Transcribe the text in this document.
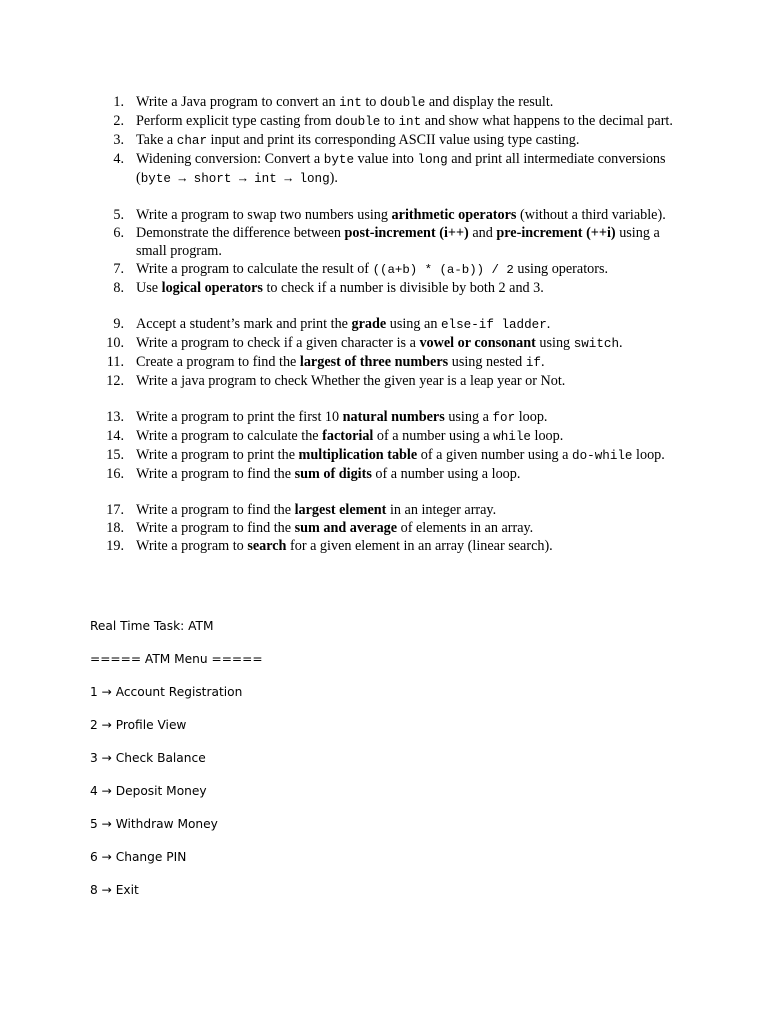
1. Write a Java program to convert an int to double and display the result.
2. Perform explicit type casting from double to int and show what happens to the decimal part.
3. Take a char input and print its corresponding ASCII value using type casting.
4. Widening conversion: Convert a byte value into long and print all intermediate conversions (byte → short → int → long).
5. Write a program to swap two numbers using arithmetic operators (without a third variable).
6. Demonstrate the difference between post-increment (i++) and pre-increment (++i) using a small program.
7. Write a program to calculate the result of ((a+b) * (a-b)) / 2 using operators.
8. Use logical operators to check if a number is divisible by both 2 and 3.
9. Accept a student’s mark and print the grade using an else-if ladder.
10. Write a program to check if a given character is a vowel or consonant using switch.
11. Create a program to find the largest of three numbers using nested if.
12. Write a java program to check Whether the given year is a leap year or Not.
13. Write a program to print the first 10 natural numbers using a for loop.
14. Write a program to calculate the factorial of a number using a while loop.
15. Write a program to print the multiplication table of a given number using a do-while loop.
16. Write a program to find the sum of digits of a number using a loop.
17. Write a program to find the largest element in an integer array.
18. Write a program to find the sum and average of elements in an array.
19. Write a program to search for a given element in an array (linear search).
Real Time Task: ATM
===== ATM Menu =====
1 → Account Registration
2 → Profile View
3 → Check Balance
4 → Deposit Money
5 → Withdraw Money
6 → Change PIN
8 → Exit
